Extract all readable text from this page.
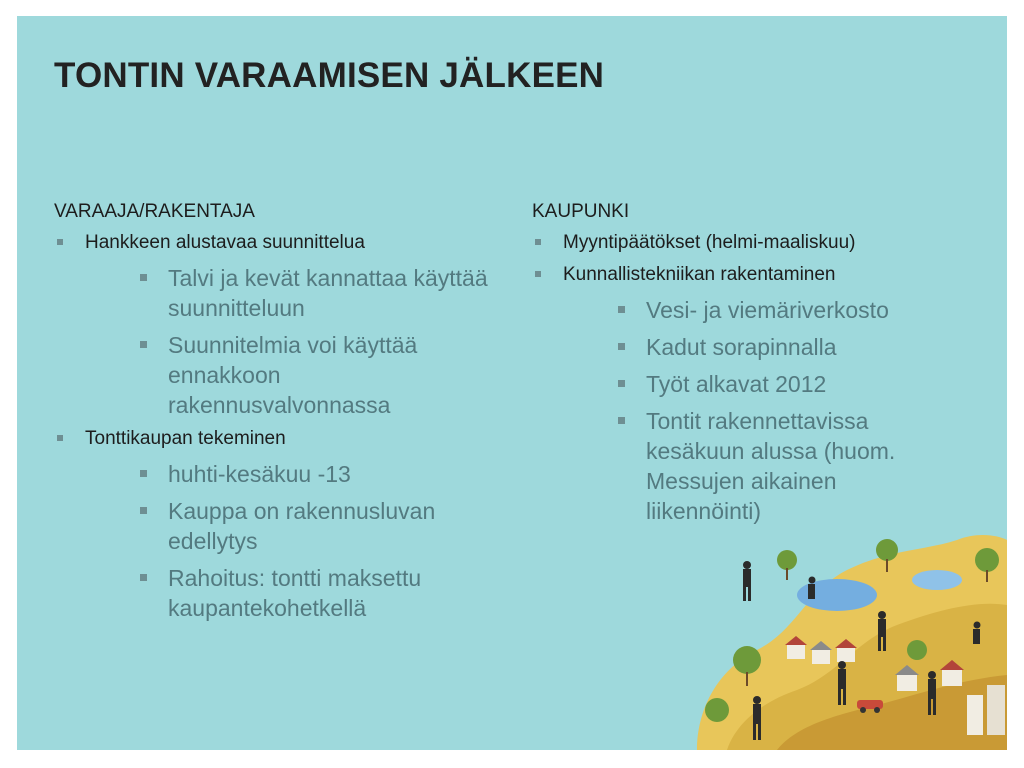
TONTIN VARAAMISEN JÄLKEEN
VARAAJA/RAKENTAJA
Hankkeen alustavaa suunnittelua
Talvi ja kevät kannattaa käyttää suunnitteluun
Suunnitelmia voi käyttää ennakkoon rakennusvalvonnassa
Tonttikaupan tekeminen
huhti-kesäkuu -13
Kauppa on rakennusluvan edellytys
Rahoitus: tontti maksettu kaupantekohetkellä
KAUPUNKI
Myyntipäätökset (helmi-maaliskuu)
Kunnallistekniikan rakentaminen
Vesi- ja viemäriverkosto
Kadut sorapinnalla
Työt alkavat 2012
Tontit rakennettavissa kesäkuun alussa (huom. Messujen aikainen liikennöinti)
